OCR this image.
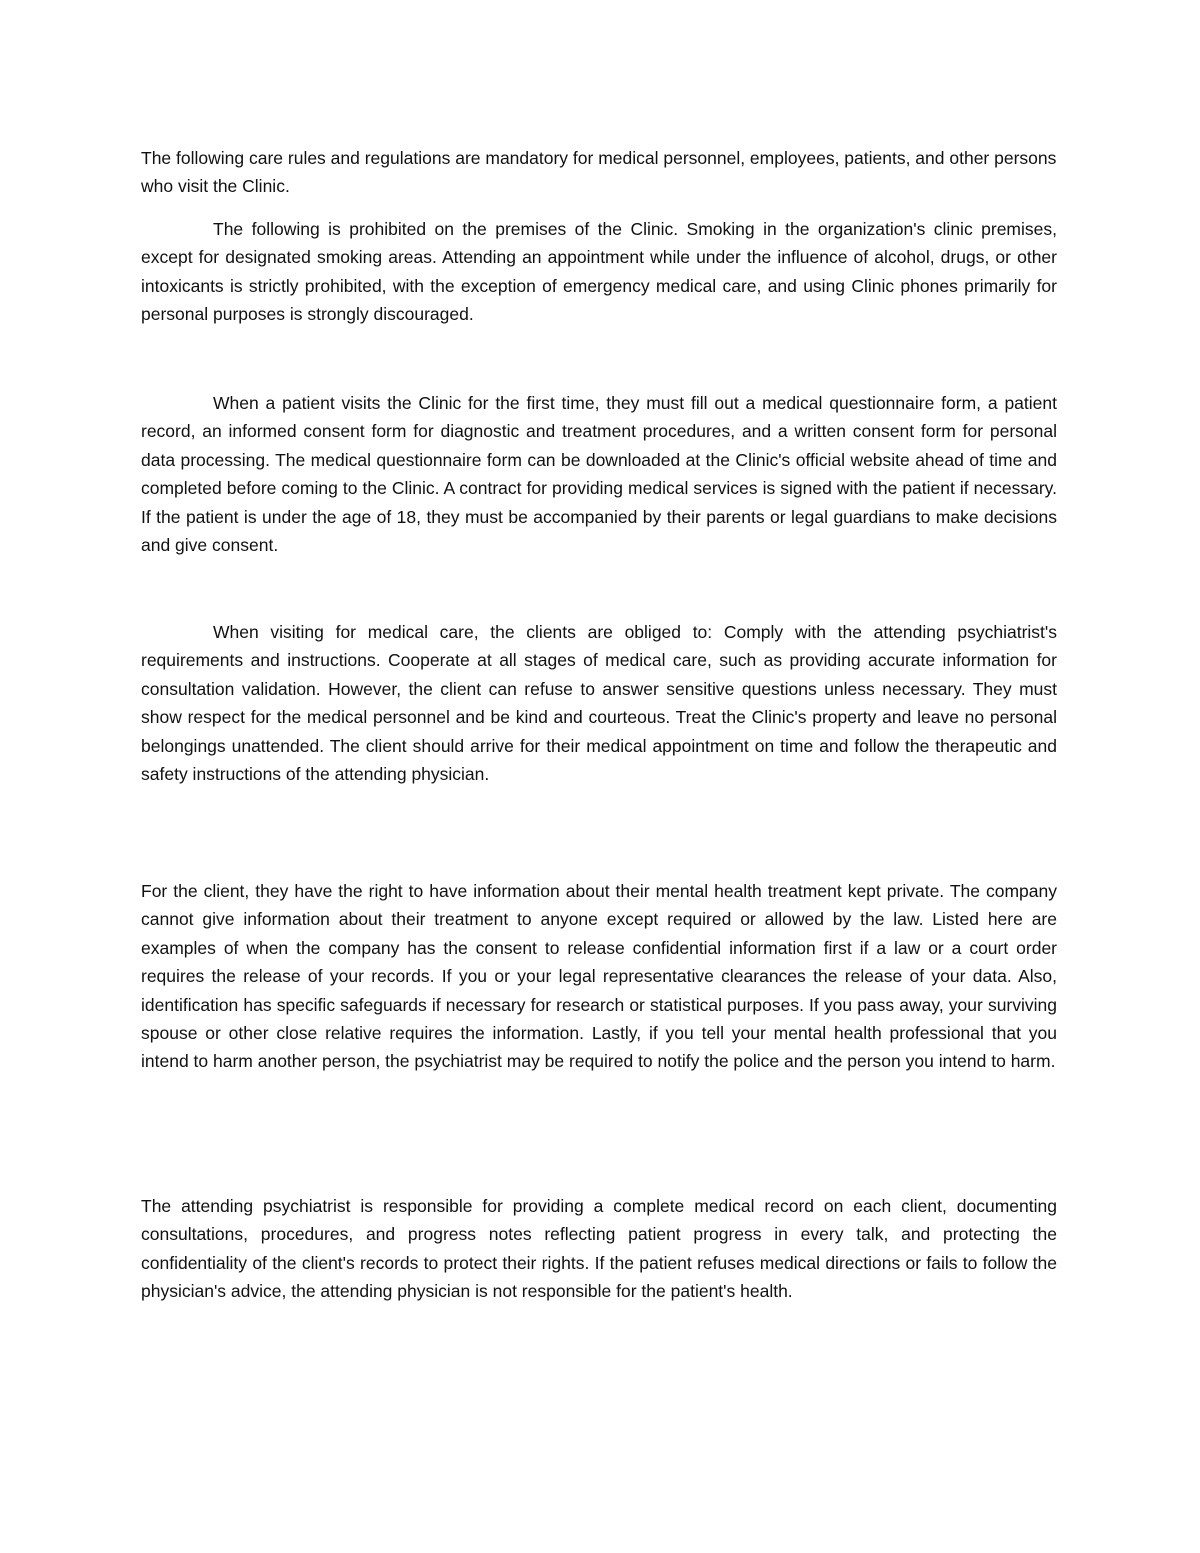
The following care rules and regulations are mandatory for medical personnel, employees, patients, and other persons who visit the Clinic.

The following is prohibited on the premises of the Clinic. Smoking in the organization's clinic premises, except for designated smoking areas. Attending an appointment while under the influence of alcohol, drugs, or other intoxicants is strictly prohibited, with the exception of emergency medical care, and using Clinic phones primarily for personal purposes is strongly discouraged.

When a patient visits the Clinic for the first time, they must fill out a medical questionnaire form, a patient record, an informed consent form for diagnostic and treatment procedures, and a written consent form for personal data processing. The medical questionnaire form can be downloaded at the Clinic's official website ahead of time and completed before coming to the Clinic. A contract for providing medical services is signed with the patient if necessary. If the patient is under the age of 18, they must be accompanied by their parents or legal guardians to make decisions and give consent.

When visiting for medical care, the clients are obliged to: Comply with the attending psychiatrist's requirements and instructions. Cooperate at all stages of medical care, such as providing accurate information for consultation validation. However, the client can refuse to answer sensitive questions unless necessary. They must show respect for the medical personnel and be kind and courteous. Treat the Clinic's property and leave no personal belongings unattended. The client should arrive for their medical appointment on time and follow the therapeutic and safety instructions of the attending physician.

For the client, they have the right to have information about their mental health treatment kept private. The company cannot give information about their treatment to anyone except required or allowed by the law. Listed here are examples of when the company has the consent to release confidential information first if a law or a court order requires the release of your records. If you or your legal representative clearances the release of your data. Also, identification has specific safeguards if necessary for research or statistical purposes. If you pass away, your surviving spouse or other close relative requires the information. Lastly, if you tell your mental health professional that you intend to harm another person, the psychiatrist may be required to notify the police and the person you intend to harm.

The attending psychiatrist is responsible for providing a complete medical record on each client, documenting consultations, procedures, and progress notes reflecting patient progress in every talk, and protecting the confidentiality of the client's records to protect their rights. If the patient refuses medical directions or fails to follow the physician's advice, the attending physician is not responsible for the patient's health.
